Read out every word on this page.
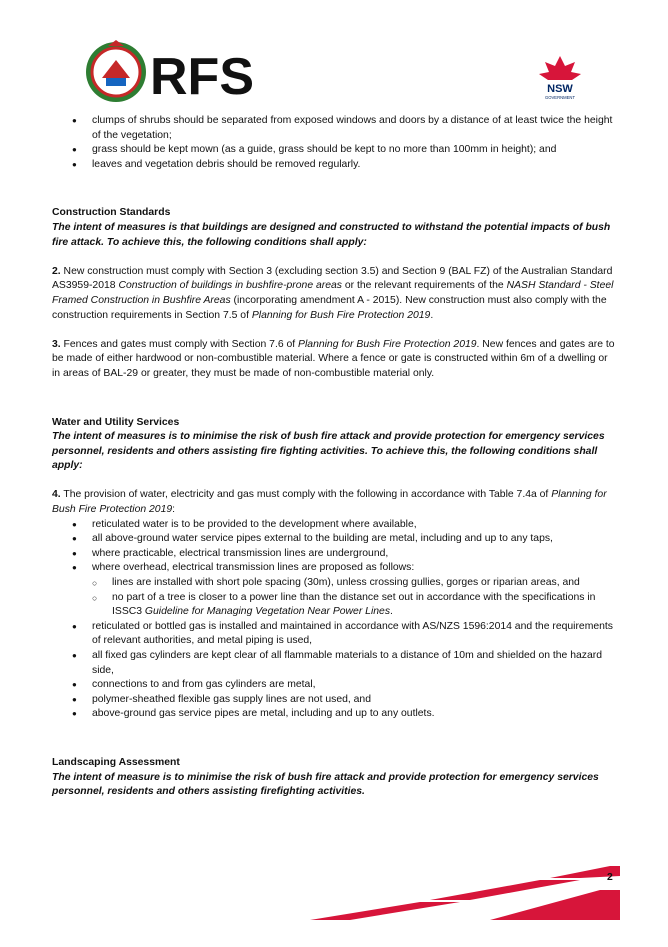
RFS	NSW
GOVERNMENT
● clumps of shrubs should be separated from exposed windows and doors by a distance of at least twice the height of the vegetation;
● grass should be kept mown (as a guide, grass should be kept to no more than 100mm in height); and
● leaves and vegetation debris should be removed regularly.

Construction Standards

The intent of measures is that buildings are designed and constructed to withstand the potential impacts of bush fire attack. To achieve this, the following conditions shall apply:

2. New construction must comply with Section 3 (excluding section 3.5) and Section 9 (BAL FZ) of the Australian Standard AS3959-2018 Construction of buildings in bushfire-prone areas or the relevant requirements of the NASH Standard - Steel Framed Construction in Bushfire Areas (incorporating amendment A - 2015). New construction must also comply with the construction requirements in Section 7.5 of Planning for Bush Fire Protection 2019.

3. Fences and gates must comply with Section 7.6 of Planning for Bush Fire Protection 2019. New fences and gates are to be made of either hardwood or non-combustible material. Where a fence or gate is constructed within 6m of a dwelling or in areas of BAL-29 or greater, they must be made of non-combustible material only.

Water and Utility Services

The intent of measures is to minimise the risk of bush fire attack and provide protection for emergency services personnel, residents and others assisting fire fighting activities. To achieve this, the following conditions shall apply:

4. The provision of water, electricity and gas must comply with the following in accordance with Table 7.4a of Planning for Bush Fire Protection 2019:

● reticulated water is to be provided to the development where available,
● all above-ground water service pipes external to the building are metal, including and up to any taps,
● where practicable, electrical transmission lines are underground,
● where overhead, electrical transmission lines are proposed as follows:
○ lines are installed with short pole spacing (30m), unless crossing gullies, gorges or riparian areas, and
○ no part of a tree is closer to a power line than the distance set out in accordance with the specifications in ISSC3 Guideline for Managing Vegetation Near Power Lines.
● reticulated or bottled gas is installed and maintained in accordance with AS/NZS 1596:2014 and the requirements of relevant authorities, and metal piping is used,
● all fixed gas cylinders are kept clear of all flammable materials to a distance of 10m and shielded on the hazard side,
● connections to and from gas cylinders are metal,
● polymer-sheathed flexible gas supply lines are not used, and
● above-ground gas service pipes are metal, including and up to any outlets.

Landscaping Assessment

The intent of measure is to minimise the risk of bush fire attack and provide protection for emergency services personnel, residents and others assisting firefighting activities.

2
